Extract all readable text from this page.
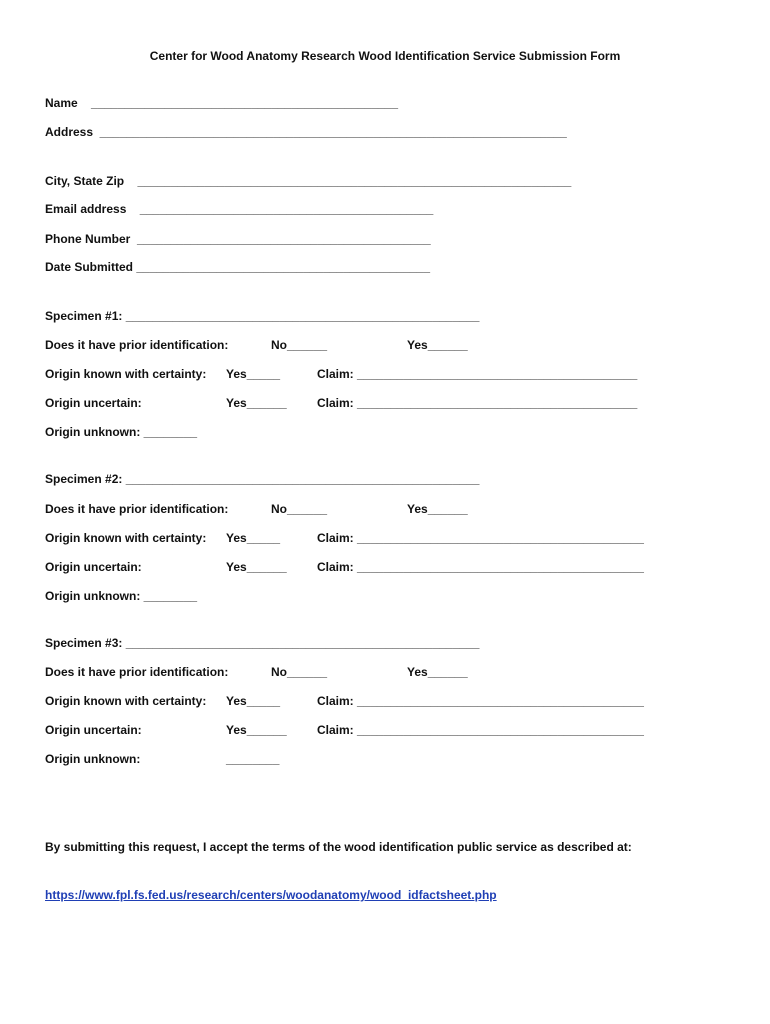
Center for Wood Anatomy Research Wood Identification Service Submission Form
Name    ______________________________________________
Address  ______________________________________________________________________
City, State Zip    _________________________________________________________________
Email address    ____________________________________________
Phone Number  ____________________________________________
Date Submitted ____________________________________________
Specimen #1: _____________________________________________________
Does it have prior identification:	No______	Yes______
Origin known with certainty: Yes_____	Claim: __________________________________________
Origin uncertain:	Yes______	Claim: __________________________________________
Origin unknown: ________
Specimen #2: _____________________________________________________
Does it have prior identification:	No______	Yes______
Origin known with certainty: Yes_____	Claim: ___________________________________________
Origin uncertain:	Yes______	Claim: ___________________________________________
Origin unknown: ________
Specimen #3: _____________________________________________________
Does it have prior identification:	No______	Yes______
Origin known with certainty: Yes_____	Claim: ___________________________________________
Origin uncertain:	Yes______	Claim: ___________________________________________
Origin unknown:	________
By submitting this request, I accept the terms of the wood identification public service as described at:
https://www.fpl.fs.fed.us/research/centers/woodanatomy/wood_idfactsheet.php
